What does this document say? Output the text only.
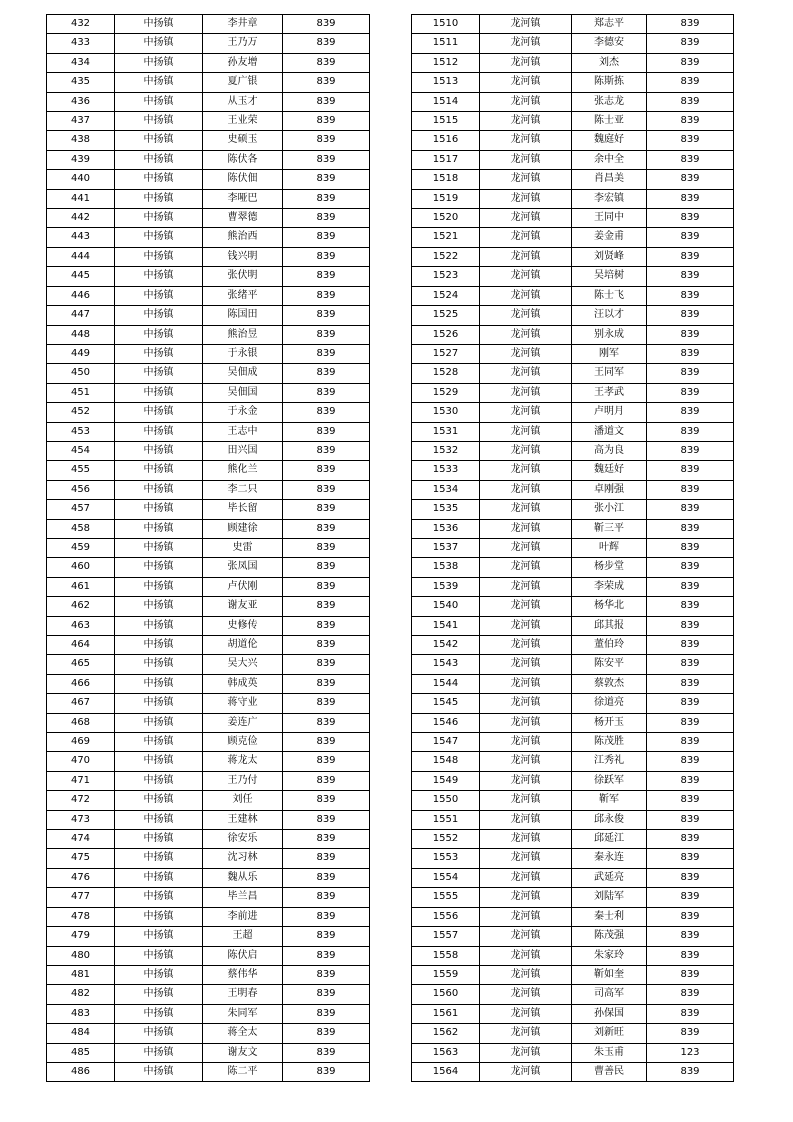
432	中扬镇	李井章	839
433	中扬镇	王乃万	839
434	中扬镇	孙友增	839
435	中扬镇	夏广银	839
436	中扬镇	从玉才	839
437	中扬镇	王业荣	839
438	中扬镇	史硕玉	839
439	中扬镇	陈伏各	839
440	中扬镇	陈伏佃	839
441	中扬镇	李哑巴	839
442	中扬镇	曹翠德	839
443	中扬镇	熊治西	839
444	中扬镇	钱兴明	839
445	中扬镇	张伏明	839
446	中扬镇	张绪平	839
447	中扬镇	陈国田	839
448	中扬镇	熊治昱	839
449	中扬镇	于永银	839
450	中扬镇	吴佃成	839
451	中扬镇	吴佃国	839
452	中扬镇	于永金	839
453	中扬镇	王志中	839
454	中扬镇	田兴国	839
455	中扬镇	熊化兰	839
456	中扬镇	李二只	839
457	中扬镇	毕长留	839
458	中扬镇	顾建徐	839
459	中扬镇	史雷	839
460	中扬镇	张凤国	839
461	中扬镇	卢伏刚	839
462	中扬镇	谢友亚	839
463	中扬镇	史修传	839
464	中扬镇	胡道伦	839
465	中扬镇	吴大兴	839
466	中扬镇	韩成英	839
467	中扬镇	蒋守业	839
468	中扬镇	姜连广	839
469	中扬镇	顾克俭	839
470	中扬镇	蒋龙太	839
471	中扬镇	王乃付	839
472	中扬镇	刘任	839
473	中扬镇	王建林	839
474	中扬镇	徐安乐	839
475	中扬镇	沈习林	839
476	中扬镇	魏从乐	839
477	中扬镇	毕兰昌	839
478	中扬镇	李前进	839
479	中扬镇	王超	839
480	中扬镇	陈伏启	839
481	中扬镇	蔡伟华	839
482	中扬镇	王明春	839
483	中扬镇	朱同军	839
484	中扬镇	蒋全太	839
485	中扬镇	谢友文	839
486	中扬镇	陈二平	839
1510	龙河镇	郑志平	839
1511	龙河镇	李德安	839
1512	龙河镇	刘杰	839
1513	龙河镇	陈斯拣	839
1514	龙河镇	张志龙	839
1515	龙河镇	陈士亚	839
1516	龙河镇	魏庭好	839
1517	龙河镇	余中全	839
1518	龙河镇	肖昌美	839
1519	龙河镇	李宏镇	839
1520	龙河镇	王同中	839
1521	龙河镇	姜金甫	839
1522	龙河镇	刘贤峰	839
1523	龙河镇	吴培树	839
1524	龙河镇	陈士飞	839
1525	龙河镇	汪以才	839
1526	龙河镇	别永成	839
1527	龙河镇	刚军	839
1528	龙河镇	王同军	839
1529	龙河镇	王孝武	839
1530	龙河镇	卢明月	839
1531	龙河镇	潘道文	839
1532	龙河镇	高为良	839
1533	龙河镇	魏廷好	839
1534	龙河镇	卓刚强	839
1535	龙河镇	张小江	839
1536	龙河镇	靳三平	839
1537	龙河镇	叶辉	839
1538	龙河镇	杨步堂	839
1539	龙河镇	李荣成	839
1540	龙河镇	杨华北	839
1541	龙河镇	邱其报	839
1542	龙河镇	董伯玲	839
1543	龙河镇	陈安平	839
1544	龙河镇	蔡敦杰	839
1545	龙河镇	徐道亮	839
1546	龙河镇	杨开玉	839
1547	龙河镇	陈茂胜	839
1548	龙河镇	江秀礼	839
1549	龙河镇	徐跃军	839
1550	龙河镇	靳军	839
1551	龙河镇	邱永俊	839
1552	龙河镇	邱延江	839
1553	龙河镇	秦永连	839
1554	龙河镇	武延亮	839
1555	龙河镇	刘陆军	839
1556	龙河镇	秦士利	839
1557	龙河镇	陈茂强	839
1558	龙河镇	朱家玲	839
1559	龙河镇	靳如奎	839
1560	龙河镇	司高军	839
1561	龙河镇	孙保国	839
1562	龙河镇	刘新旺	839
1563	龙河镇	朱玉甫	123
1564	龙河镇	曹善民	839
